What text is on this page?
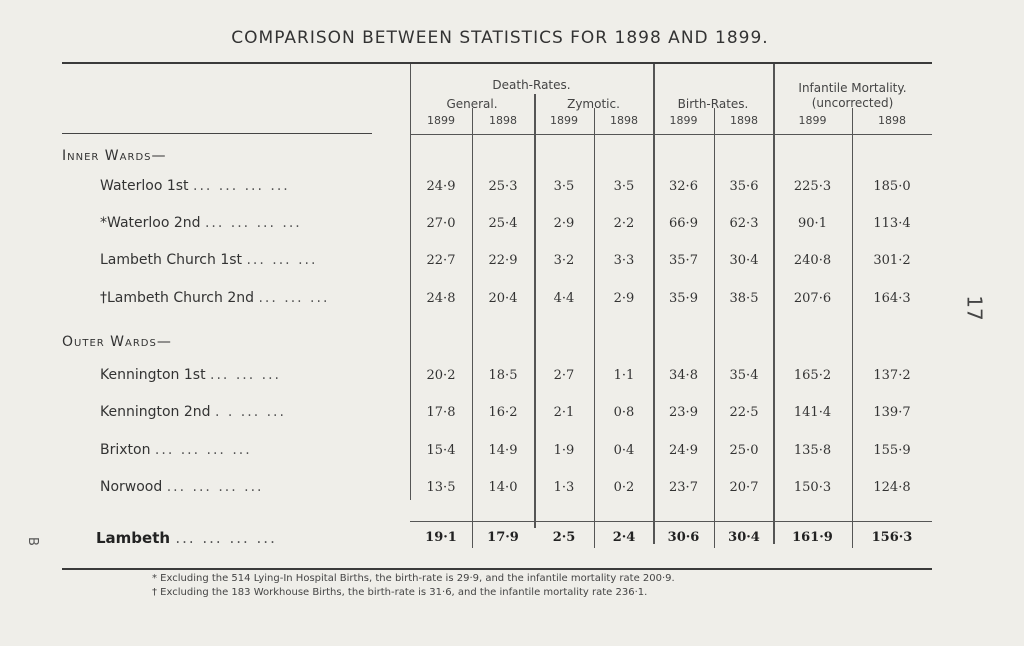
COMPARISON BETWEEN STATISTICS FOR 1898 AND 1899.
17
B
Death-Rates.
General.	Zymotic.	Birth-Rates.
Infantile Mortality.
(uncorrected)
1899	1898	1899	1898	1899	1898	1899	1898
Inner Wards—
Outer Wards—
Waterloo 1st ... ... ... ...	24·9	25·3	3·5	3·5	32·6	35·6	225·3	185·0
*Waterloo 2nd ... ... ... ...	27·0	25·4	2·9	2·2	66·9	62·3	90·1	113·4
Lambeth Church 1st ... ... ...	22·7	22·9	3·2	3·3	35·7	30·4	240·8	301·2
†Lambeth Church 2nd ... ... ...	24·8	20·4	4·4	2·9	35·9	38·5	207·6	164·3
Kennington 1st ... ... ...	20·2	18·5	2·7	1·1	34·8	35·4	165·2	137·2
Kennington 2nd . . ... ...	17·8	16·2	2·1	0·8	23·9	22·5	141·4	139·7
Brixton ... ... ... ...	15·4	14·9	1·9	0·4	24·9	25·0	135·8	155·9
Norwood ... ... ... ...	13·5	14·0	1·3	0·2	23·7	20·7	150·3	124·8
Lambeth ... ... ... ...	19·1	17·9	2·5	2·4	30·6	30·4	161·9	156·3
* Excluding the 514 Lying-In Hospital Births, the birth-rate is 29·9, and the infantile mortality rate 200·9.
† Excluding the 183 Workhouse Births, the birth-rate is 31·6, and the infantile mortality rate 236·1.
